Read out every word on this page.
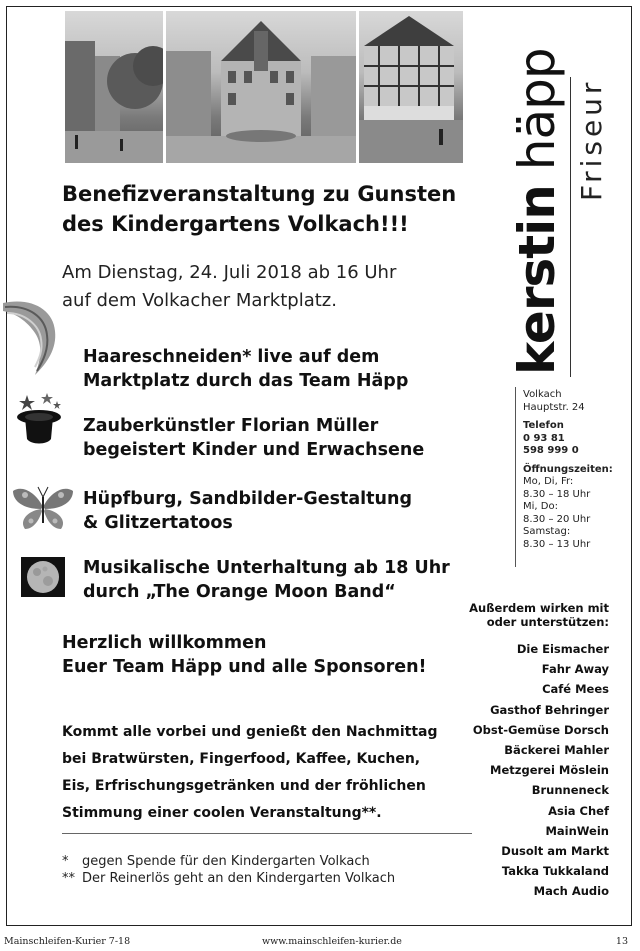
Benefizveranstaltung zu Gunsten
des Kindergartens Volkach!!!
Am Dienstag, 24. Juli 2018 ab 16 Uhr
auf dem Volkacher Marktplatz.
Haareschneiden* live auf dem
Marktplatz durch das Team Häpp
Zauberkünstler Florian Müller
begeistert Kinder und Erwachsene
Hüpfburg, Sandbilder-Gestaltung
& Glitzertatoos
Musikalische Unterhaltung ab 18 Uhr
durch „The Orange Moon Band“
Herzlich willkommen
Euer Team Häpp und alle Sponsoren!
Kommt alle vorbei und genießt den Nachmittag
bei Bratwürsten, Fingerfood, Kaffee, Kuchen,
Eis, Erfrischungsgetränken und der fröhlichen
Stimmung einer coolen Veranstaltung**.
*	gegen Spende für den Kindergarten Volkach
** Der Reinerlös geht an den Kindergarten Volkach
kerstin häpp Friseur
Volkach
Hauptstr. 24
Telefon
0 93 81
598 999 0
Öffnungszeiten:
Mo, Di, Fr:
8.30 – 18 Uhr
Mi, Do:
8.30 – 20 Uhr
Samstag:
8.30 – 13 Uhr
Außerdem wirken mit
oder unterstützen:
Die Eismacher
Fahr Away
Café Mees
Gasthof Behringer
Obst-Gemüse Dorsch
Bäckerei Mahler
Metzgerei Möslein
Brunneneck
Asia Chef
MainWein
Dusolt am Markt
Takka Tukkaland
Mach Audio
Mainschleifen-Kurier 7-18	www.mainschleifen-kurier.de	13
